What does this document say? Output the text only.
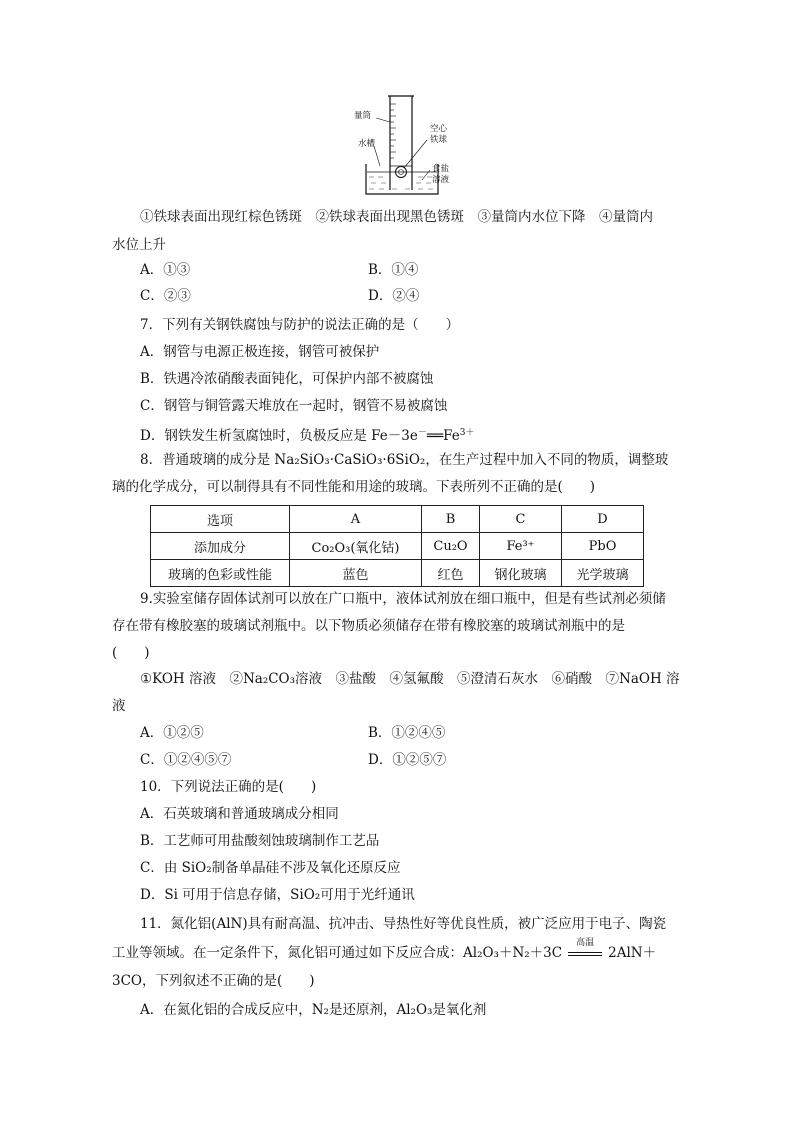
量筒
水槽
空心
铁球
食盐
溶液
①铁球表面出现红棕色锈斑　②铁球表面出现黑色锈斑　③量筒内水位下降　④量筒内
水位上升
A．①③	B．①④
C．②③	D．②④
7．下列有关钢铁腐蚀与防护的说法正确的是（　　）
A．钢管与电源正极连接，钢管可被保护
B．铁遇冷浓硝酸表面钝化，可保护内部不被腐蚀
C．钢管与铜管露天堆放在一起时，钢管不易被腐蚀
D．钢铁发生析氢腐蚀时，负极反应是 $Fe-3e^-══Fe^{3+}$
8．普通玻璃的成分是 Na₂SiO₃·CaSiO₃·6SiO₂，在生产过程中加入不同的物质，调整玻
璃的化学成分，可以制得具有不同性能和用途的玻璃。下表所列不正确的是(　　)
选项	A	B	C	D
添加成分	Co₂O₃(氧化钴)	Cu₂O	Fe³⁺	PbO
玻璃的色彩或性能	蓝色	红色	钢化玻璃	光学玻璃
9.实验室储存固体试剂可以放在广口瓶中，液体试剂放在细口瓶中，但是有些试剂必须储
存在带有橡胶塞的玻璃试剂瓶中。以下物质必须储存在带有橡胶塞的玻璃试剂瓶中的是
(　　)
①KOH 溶液　②Na₂CO₃溶液　③盐酸　④氢氟酸　⑤澄清石灰水　⑥硝酸　⑦NaOH 溶
液
A．①②⑤	B．①②④⑤
C．①②④⑤⑦	D．①②⑤⑦
10．下列说法正确的是(　　)
A．石英玻璃和普通玻璃成分相同
B．工艺师可用盐酸刻蚀玻璃制作工艺品
C．由 SiO₂制备单晶硅不涉及氧化还原反应
D．Si 可用于信息存储，SiO₂可用于光纤通讯
11．氮化铝(AlN)具有耐高温、抗冲击、导热性好等优良性质，被广泛应用于电子、陶瓷
工业等领域。在一定条件下，氮化铝可通过如下反应合成：Al₂O₃＋N₂＋3C
高温
2AlN＋
3CO，下列叙述不正确的是(　　)
A．在氮化铝的合成反应中，N₂是还原剂，Al₂O₃是氧化剂
